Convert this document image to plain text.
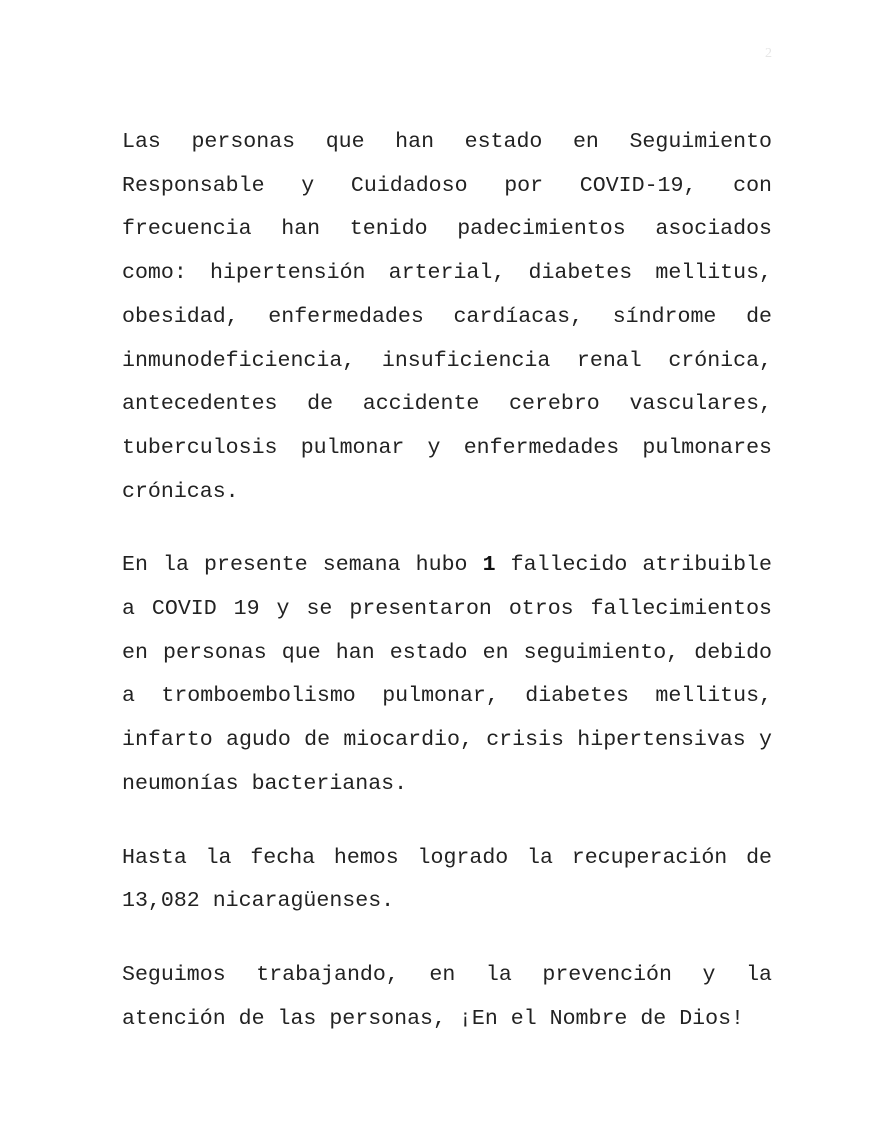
2

Las personas que han estado en Seguimiento Responsable y Cuidadoso por COVID-19, con frecuencia han tenido padecimientos asociados como: hipertensión arterial, diabetes mellitus, obesidad, enfermedades cardíacas, síndrome de inmunodeficiencia, insuficiencia renal crónica, antecedentes de accidente cerebro vasculares, tuberculosis pulmonar y enfermedades pulmonares crónicas.

En la presente semana hubo 1 fallecido atribuible a COVID 19 y se presentaron otros fallecimientos en personas que han estado en seguimiento, debido a tromboembolismo pulmonar, diabetes mellitus, infarto agudo de miocardio, crisis hipertensivas y neumonías bacterianas.

Hasta la fecha hemos logrado la recuperación de 13,082 nicaragüenses.

Seguimos trabajando, en la prevención y la atención de las personas, ¡En el Nombre de Dios!
